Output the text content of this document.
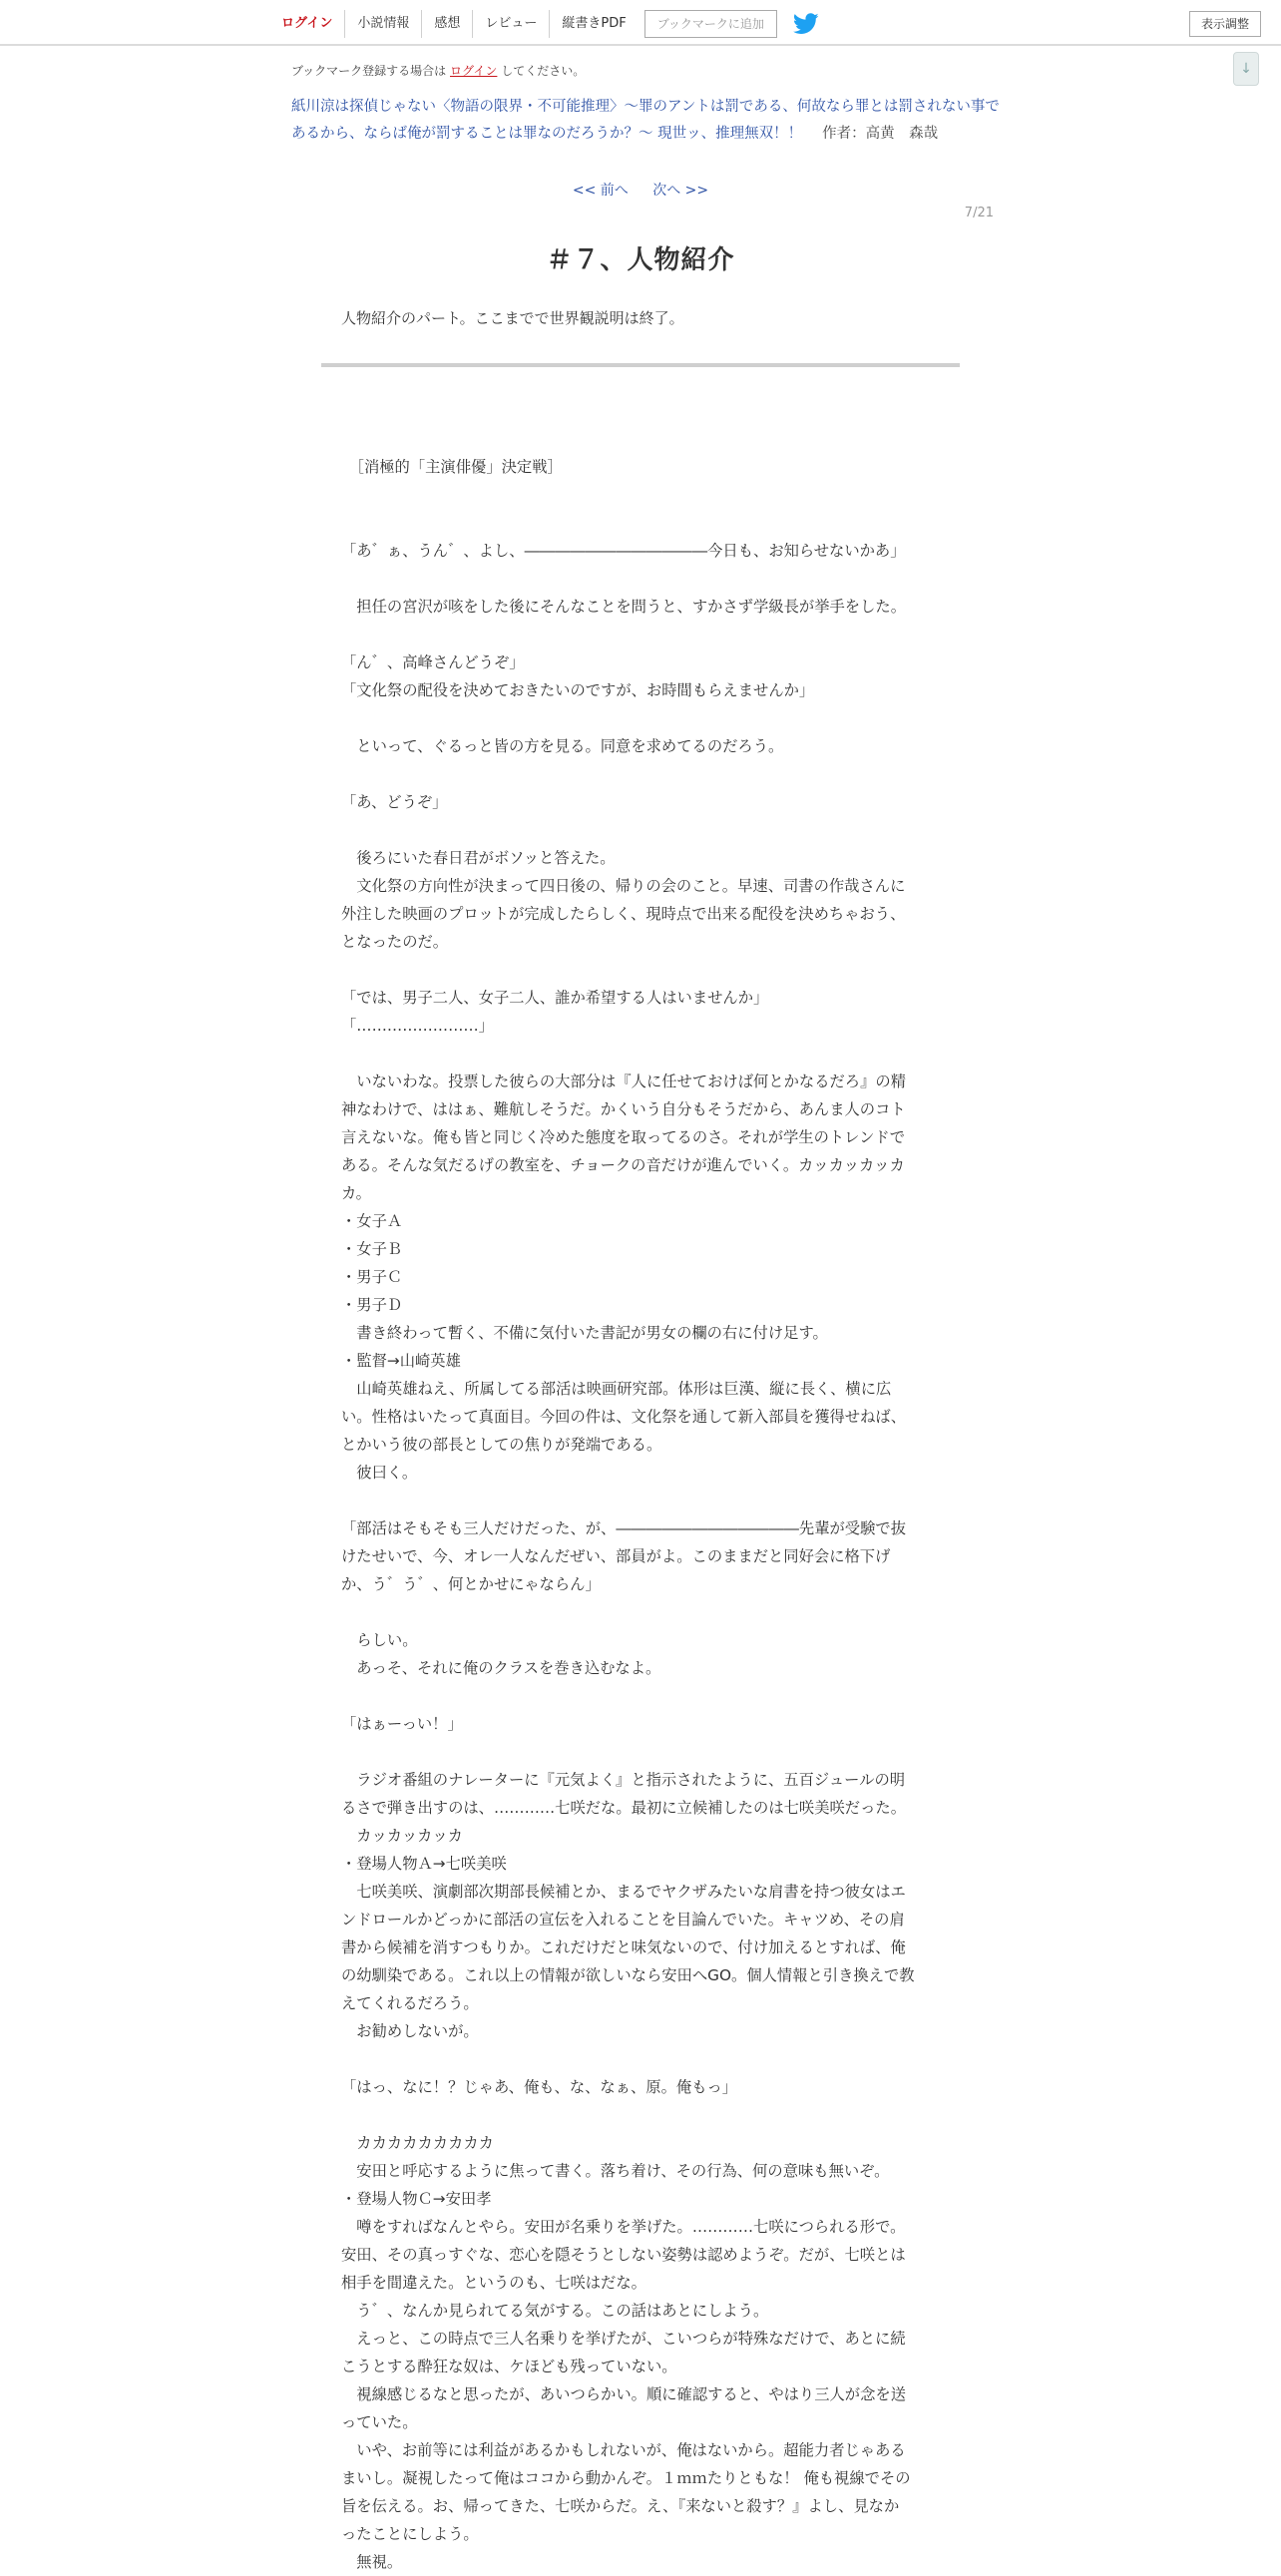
ログイン	小説情報	感想	レビュー	縦書きPDF	ブックマークに追加	表示調整
↓
ブックマーク登録する場合は ログイン してください。
紙川涼は探偵じゃない〈物語の限界・不可能推理〉～罪のアントは罰である、何故なら罪とは罰されない事であるから、ならば俺が罰することは罪なのだろうか？～ 現世ッ、推理無双！！ 作者：高黄　森哉
<< 前へ 次へ >>
7/21
＃７、人物紹介
人物紹介のパート。ここまでで世界観説明は終了。
　［消極的「主演俳優」決定戦］
「あ゛ぁ、うん゛、よし、――――――――――――今日も、お知らせないかあ」
　担任の宮沢が咳をした後にそんなことを問うと、すかさず学級長が挙手をした。
「ん゛、高峰さんどうぞ」
「文化祭の配役を決めておきたいのですが、お時間もらえませんか」
　といって、ぐるっと皆の方を見る。同意を求めてるのだろう。
「あ、どうぞ」
　後ろにいた春日君がボソッと答えた。
　文化祭の方向性が決まって四日後の、帰りの会のこと。早速、司書の作哉さんに
外注した映画のプロットが完成したらしく、現時点で出来る配役を決めちゃおう、
となったのだ。
「では、男子二人、女子二人、誰か希望する人はいませんか」
「……………………」
　いないわな。投票した彼らの大部分は『人に任せておけば何とかなるだろ』の精
神なわけで、ははぁ、難航しそうだ。かくいう自分もそうだから、あんま人のコト
言えないな。俺も皆と同じく冷めた態度を取ってるのさ。それが学生のトレンドで
ある。そんな気だるげの教室を、チョークの音だけが進んでいく。カッカッカッカ
カ。
・女子Ａ
・女子Ｂ
・男子Ｃ
・男子Ｄ
　書き終わって暫く、不備に気付いた書記が男女の欄の右に付け足す。
・監督→山崎英雄
　山崎英雄ねえ、所属してる部活は映画研究部。体形は巨漢、縦に長く、横に広
い。性格はいたって真面目。今回の件は、文化祭を通して新入部員を獲得せねば、
とかいう彼の部長としての焦りが発端である。
　彼曰く。
「部活はそもそも三人だけだった、が、――――――――――――先輩が受験で抜
けたせいで、今、オレ一人なんだぜい、部員がよ。このままだと同好会に格下げ
か、う゛う゛、何とかせにゃならん」
　らしい。
　あっそ、それに俺のクラスを巻き込むなよ。
「はぁーっい！」
　ラジオ番組のナレーターに『元気よく』と指示されたように、五百ジュールの明
るさで弾き出すのは、…………七咲だな。最初に立候補したのは七咲美咲だった。
　カッカッカッカ
・登場人物Ａ→七咲美咲
　七咲美咲、演劇部次期部長候補とか、まるでヤクザみたいな肩書を持つ彼女はエ
ンドロールかどっかに部活の宣伝を入れることを目論んでいた。キャツめ、その肩
書から候補を消すつもりか。これだけだと味気ないので、付け加えるとすれば、俺
の幼馴染である。これ以上の情報が欲しいなら安田へGO。個人情報と引き換えで教
えてくれるだろう。
　お勧めしないが。
「はっ、なに！？じゃあ、俺も、な、なぁ、原。俺もっ」
　カカカカカカカカカ
　安田と呼応するように焦って書く。落ち着け、その行為、何の意味も無いぞ。
・登場人物Ｃ→安田孝
　噂をすればなんとやら。安田が名乗りを挙げた。…………七咲につられる形で。
安田、その真っすぐな、恋心を隠そうとしない姿勢は認めようぞ。だが、七咲とは
相手を間違えた。というのも、七咲はだな。
　う゛、なんか見られてる気がする。この話はあとにしよう。
　えっと、この時点で三人名乗りを挙げたが、こいつらが特殊なだけで、あとに続
こうとする酔狂な奴は、ケほども残っていない。
　視線感じるなと思ったが、あいつらかい。順に確認すると、やはり三人が念を送
っていた。
　いや、お前等には利益があるかもしれないが、俺はないから。超能力者じゃある
まいし。凝視したって俺はココから動かんぞ。１ｍｍたりともな！ 俺も視線でその
旨を伝える。お、帰ってきた、七咲からだ。え、『来ないと殺す？』よし、見なか
ったことにしよう。
　無視。
